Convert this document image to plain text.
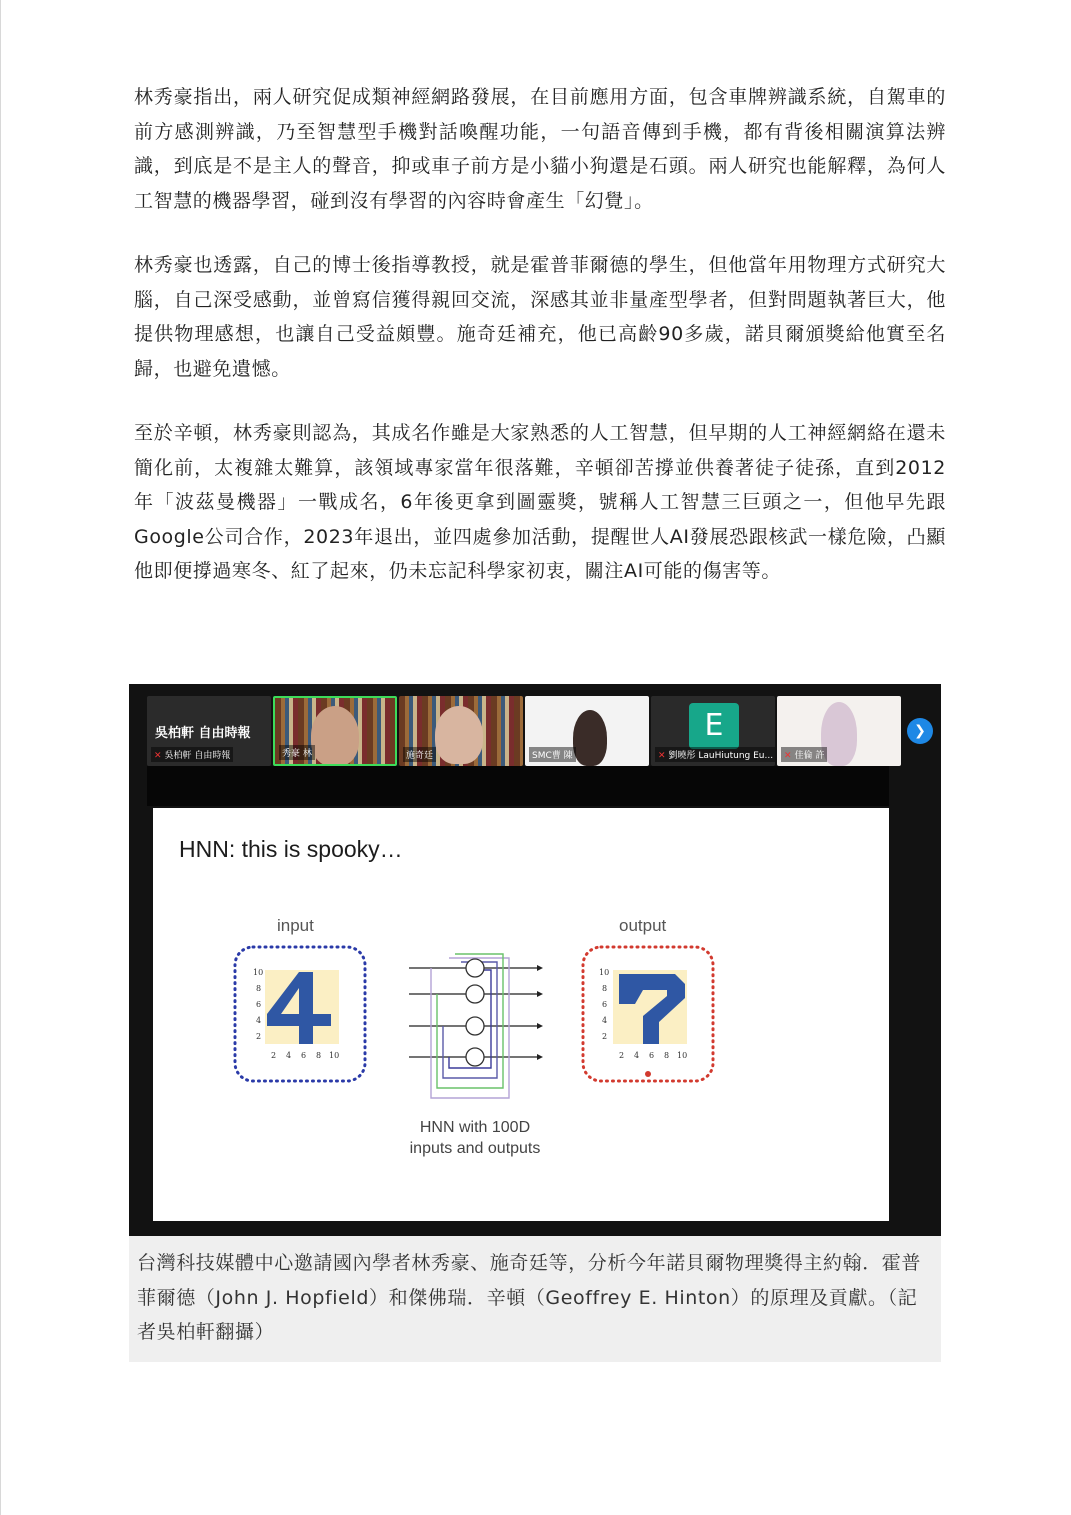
林秀豪指出，兩人研究促成類神經網路發展，在目前應用方面，包含車牌辨識系統，自駕車的前方感測辨識，乃至智慧型手機對話喚醒功能，一句語音傳到手機，都有背後相關演算法辨識，到底是不是主人的聲音，抑或車子前方是小貓小狗還是石頭。兩人研究也能解釋，為何人工智慧的機器學習，碰到沒有學習的內容時會產生「幻覺」。

林秀豪也透露，自己的博士後指導教授，就是霍普菲爾德的學生，但他當年用物理方式研究大腦，自己深受感動，並曾寫信獲得親回交流，深感其並非量產型學者，但對問題執著巨大，他提供物理感想，也讓自己受益頗豐。施奇廷補充，他已高齡90多歲，諾貝爾頒獎給他實至名歸，也避免遺憾。

至於辛頓，林秀豪則認為，其成名作雖是大家熟悉的人工智慧，但早期的人工神經網絡在還未簡化前，太複雜太難算，該領域專家當年很落難，辛頓卻苦撐並供養著徒子徒孫，直到2012年「波茲曼機器」一戰成名，6年後更拿到圖靈獎，號稱人工智慧三巨頭之一，但他早先跟Google公司合作，2023年退出，並四處參加活動，提醒世人AI發展恐跟核武一樣危險，凸顯他即便撐過寒冬、紅了起來，仍未忘記科學家初衷，關注AI可能的傷害等。

吳柏軒 自由時報
✕ 吳柏軒 自由時報	秀豪 林	施奇廷	SMC曹 陳
E
✕ 劉曉彤 LauHiutung Eu...	✕ 佳倫 許
❯
HNN: this is spooky…
input	output
10
8
6
4
2
2 4 6 8 10
HNN with 100D
inputs and outputs
10
8
6
4
2
2 4 6 8 10
台灣科技媒體中心邀請國內學者林秀豪、施奇廷等，分析今年諾貝爾物理獎得主約翰．霍普菲爾德（John J. Hopfield）和傑佛瑞．辛頓（Geoffrey E. Hinton）的原理及貢獻。（記者吳柏軒翻攝）
